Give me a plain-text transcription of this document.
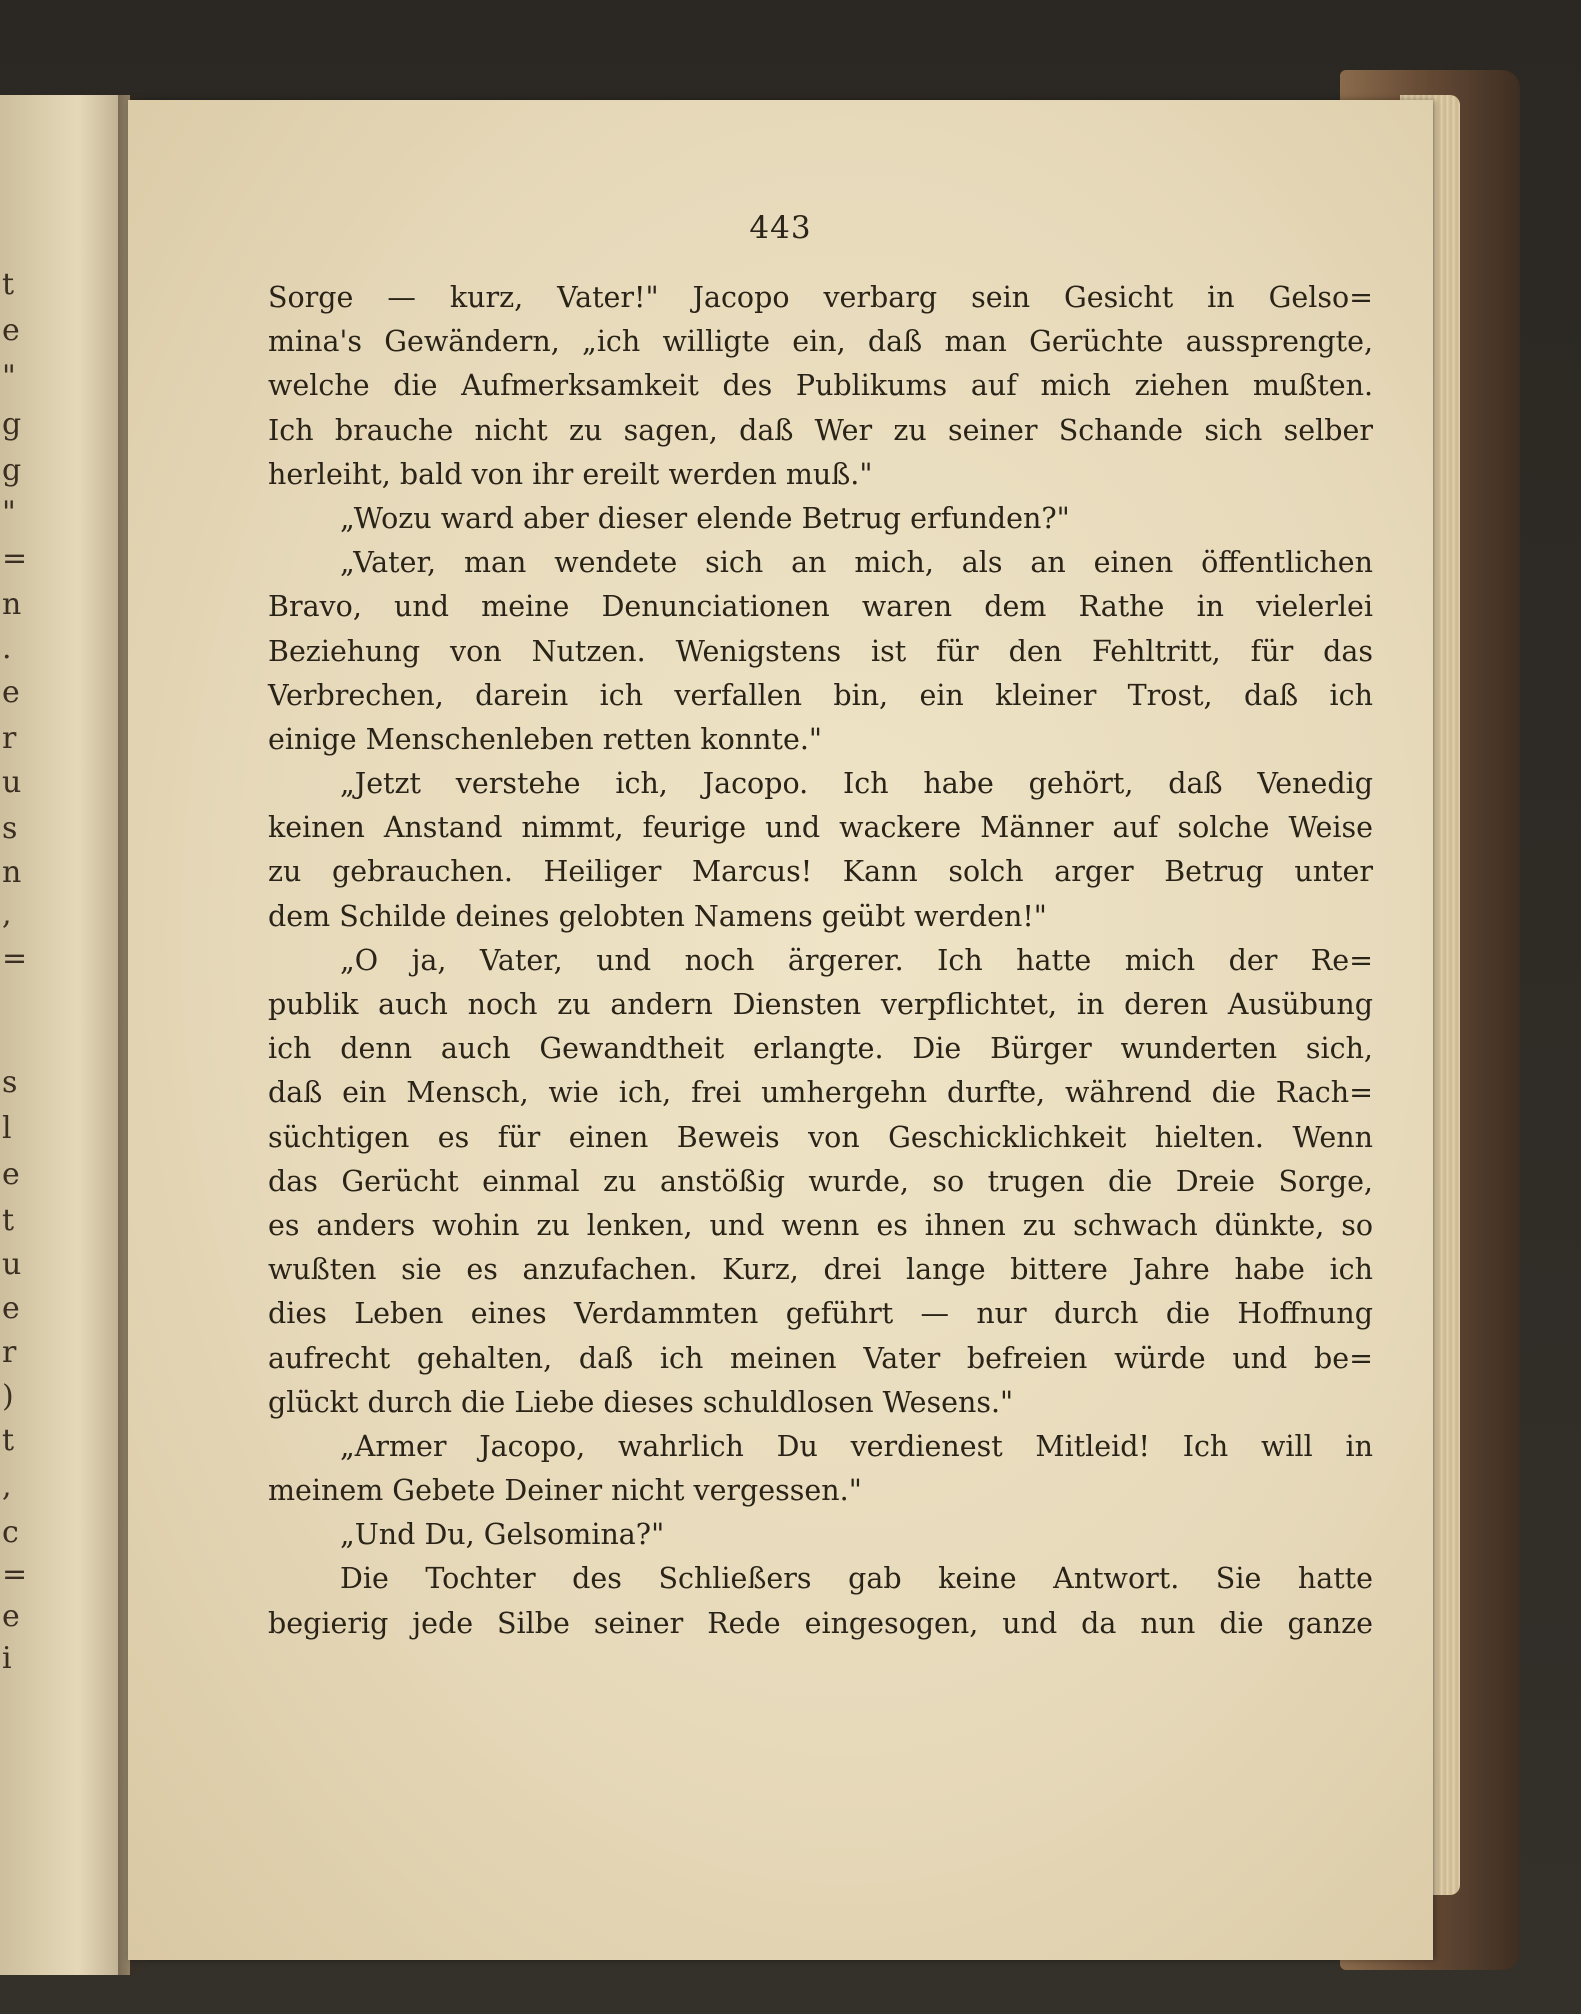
t
e
"
g
g
"
=
n
.
e
r
u
s
n
,
=
s
l
e
t
u
e
r
)
t
,
c
=
e
i
443
Sorge — kurz, Vater!" Jacopo verbarg sein Gesicht in Gelso=
mina's Gewändern, „ich willigte ein, daß man Gerüchte aussprengte,
welche die Aufmerksamkeit des Publikums auf mich ziehen mußten.
Ich brauche nicht zu sagen, daß Wer zu seiner Schande sich selber
herleiht, bald von ihr ereilt werden muß."
„Wozu ward aber dieser elende Betrug erfunden?"
„Vater, man wendete sich an mich, als an einen öffentlichen
Bravo, und meine Denunciationen waren dem Rathe in vielerlei
Beziehung von Nutzen. Wenigstens ist für den Fehltritt, für das
Verbrechen, darein ich verfallen bin, ein kleiner Trost, daß ich
einige Menschenleben retten konnte."
„Jetzt verstehe ich, Jacopo. Ich habe gehört, daß Venedig
keinen Anstand nimmt, feurige und wackere Männer auf solche Weise
zu gebrauchen. Heiliger Marcus! Kann solch arger Betrug unter
dem Schilde deines gelobten Namens geübt werden!"
„O ja, Vater, und noch ärgerer. Ich hatte mich der Re=
publik auch noch zu andern Diensten verpflichtet, in deren Ausübung
ich denn auch Gewandtheit erlangte. Die Bürger wunderten sich,
daß ein Mensch, wie ich, frei umhergehn durfte, während die Rach=
süchtigen es für einen Beweis von Geschicklichkeit hielten. Wenn
das Gerücht einmal zu anstößig wurde, so trugen die Dreie Sorge,
es anders wohin zu lenken, und wenn es ihnen zu schwach dünkte, so
wußten sie es anzufachen. Kurz, drei lange bittere Jahre habe ich
dies Leben eines Verdammten geführt — nur durch die Hoffnung
aufrecht gehalten, daß ich meinen Vater befreien würde und be=
glückt durch die Liebe dieses schuldlosen Wesens."
„Armer Jacopo, wahrlich Du verdienest Mitleid! Ich will in
meinem Gebete Deiner nicht vergessen."
„Und Du, Gelsomina?"
Die Tochter des Schließers gab keine Antwort. Sie hatte
begierig jede Silbe seiner Rede eingesogen, und da nun die ganze
